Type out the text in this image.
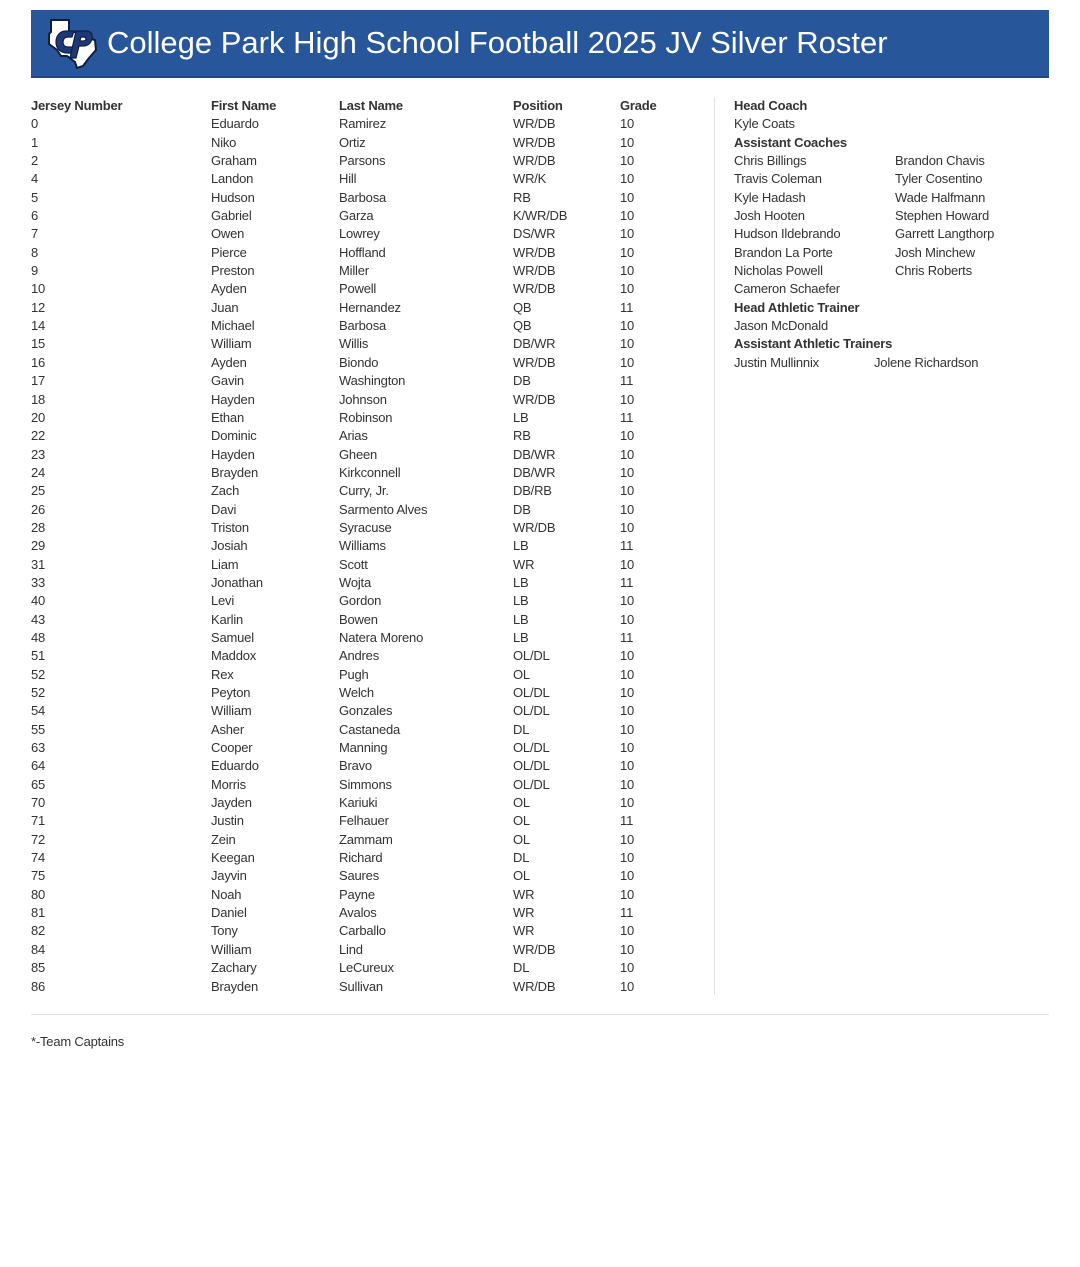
College Park High School Football 2025 JV Silver Roster
Jersey Number	First Name	Last Name	Position	Grade
0	Eduardo	Ramirez	WR/DB	10
1	Niko	Ortiz	WR/DB	10
2	Graham	Parsons	WR/DB	10
4	Landon	Hill	WR/K	10
5	Hudson	Barbosa	RB	10
6	Gabriel	Garza	K/WR/DB	10
7	Owen	Lowrey	DS/WR	10
8	Pierce	Hoffland	WR/DB	10
9	Preston	Miller	WR/DB	10
10	Ayden	Powell	WR/DB	10
12	Juan	Hernandez	QB	11
14	Michael	Barbosa	QB	10
15	William	Willis	DB/WR	10
16	Ayden	Biondo	WR/DB	10
17	Gavin	Washington	DB	11
18	Hayden	Johnson	WR/DB	10
20	Ethan	Robinson	LB	11
22	Dominic	Arias	RB	10
23	Hayden	Gheen	DB/WR	10
24	Brayden	Kirkconnell	DB/WR	10
25	Zach	Curry, Jr.	DB/RB	10
26	Davi	Sarmento Alves	DB	10
28	Triston	Syracuse	WR/DB	10
29	Josiah	Williams	LB	11
31	Liam	Scott	WR	10
33	Jonathan	Wojta	LB	11
40	Levi	Gordon	LB	10
43	Karlin	Bowen	LB	10
48	Samuel	Natera Moreno	LB	11
51	Maddox	Andres	OL/DL	10
52	Rex	Pugh	OL	10
52	Peyton	Welch	OL/DL	10
54	William	Gonzales	OL/DL	10
55	Asher	Castaneda	DL	10
63	Cooper	Manning	OL/DL	10
64	Eduardo	Bravo	OL/DL	10
65	Morris	Simmons	OL/DL	10
70	Jayden	Kariuki	OL	10
71	Justin	Felhauer	OL	11
72	Zein	Zammam	OL	10
74	Keegan	Richard	DL	10
75	Jayvin	Saures	OL	10
80	Noah	Payne	WR	10
81	Daniel	Avalos	WR	11
82	Tony	Carballo	WR	10
84	William	Lind	WR/DB	10
85	Zachary	LeCureux	DL	10
86	Brayden	Sullivan	WR/DB	10
Head Coach
Kyle Coats
Assistant Coaches
Chris Billings	Brandon Chavis
Travis Coleman	Tyler Cosentino
Kyle Hadash	Wade Halfmann
Josh Hooten	Stephen Howard
Hudson Ildebrando	Garrett Langthorp
Brandon La Porte	Josh Minchew
Nicholas Powell	Chris Roberts
Cameron Schaefer
Head Athletic Trainer
Jason McDonald
Assistant Athletic Trainers
Justin Mullinnix	Jolene Richardson
*-Team Captains
